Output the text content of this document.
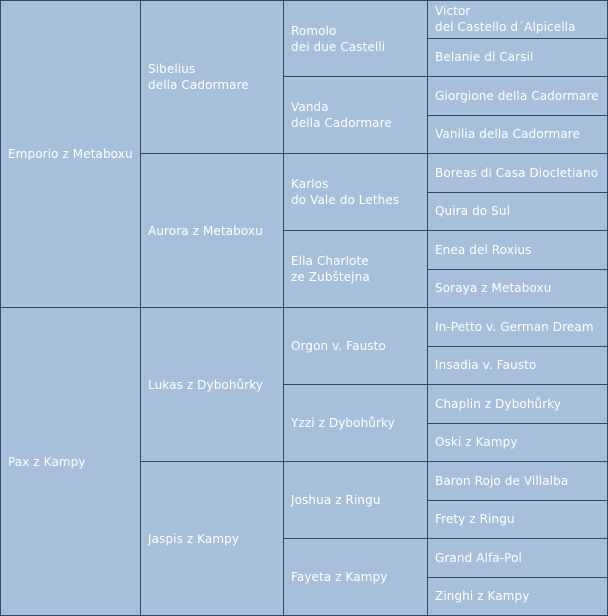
Emporio z Metaboxu
Pax z Kampy
Sibelius
della Cadormare
Aurora z Metaboxu
Lukas z Dybohůrky
Jaspis z Kampy
Romolo
dei due Castelli
Vanda
della Cadormare
Karlos
do Vale do Lethes
Ella Charlote
ze Zubštejna
Orgon v. Fausto
Yzzi z Dybohůrky
Joshua z Ringu
Fayeta z Kampy
Victor
del Castello d´Alpicella
Belanie di Carsil
Giorgione della Cadormare
Vanilia della Cadormare
Boreas di Casa Diocletiano
Quira do Sul
Enea del Roxius
Soraya z Metaboxu
In-Petto v. German Dream
Insadia v. Fausto
Chaplin z Dybohůrky
Oski z Kampy
Baron Rojo de Villalba
Frety z Ringu
Grand Alfa-Pol
Zinghi z Kampy
